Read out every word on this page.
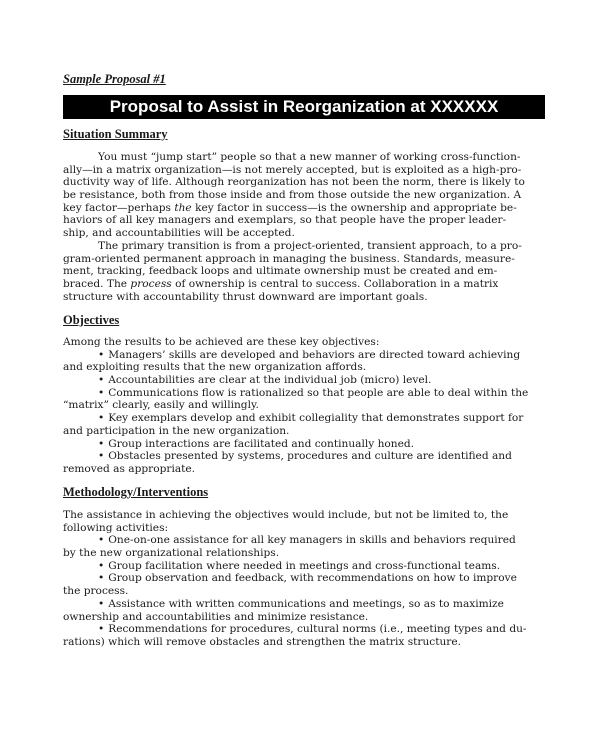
Sample Proposal #1

Proposal to Assist in Reorganization at XXXXXX
Situation Summary
You must “jump start” people so that a new manner of working cross-function-
ally—in a matrix organization—is not merely accepted, but is exploited as a high-pro-
ductivity way of life. Although reorganization has not been the norm, there is likely to
be resistance, both from those inside and from those outside the new organization. A
key factor—perhaps the key factor in success—is the ownership and appropriate be-
haviors of all key managers and exemplars, so that people have the proper leader-
ship, and accountabilities will be accepted.
The primary transition is from a project-oriented, transient approach, to a pro-
gram-oriented permanent approach in managing the business. Standards, measure-
ment, tracking, feedback loops and ultimate ownership must be created and em-
braced. The process of ownership is central to success. Collaboration in a matrix
structure with accountability thrust downward are important goals.
Objectives
Among the results to be achieved are these key objectives:
• Managers’ skills are developed and behaviors are directed toward achieving
and exploiting results that the new organization affords.
• Accountabilities are clear at the individual job (micro) level.
• Communications flow is rationalized so that people are able to deal within the
“matrix” clearly, easily and willingly.
• Key exemplars develop and exhibit collegiality that demonstrates support for
and participation in the new organization.
• Group interactions are facilitated and continually honed.
• Obstacles presented by systems, procedures and culture are identified and
removed as appropriate.
Methodology/Interventions
The assistance in achieving the objectives would include, but not be limited to, the
following activities:
• One-on-one assistance for all key managers in skills and behaviors required
by the new organizational relationships.
• Group facilitation where needed in meetings and cross-functional teams.
• Group observation and feedback, with recommendations on how to improve
the process.
• Assistance with written communications and meetings, so as to maximize
ownership and accountabilities and minimize resistance.
• Recommendations for procedures, cultural norms (i.e., meeting types and du-
rations) which will remove obstacles and strengthen the matrix structure.
